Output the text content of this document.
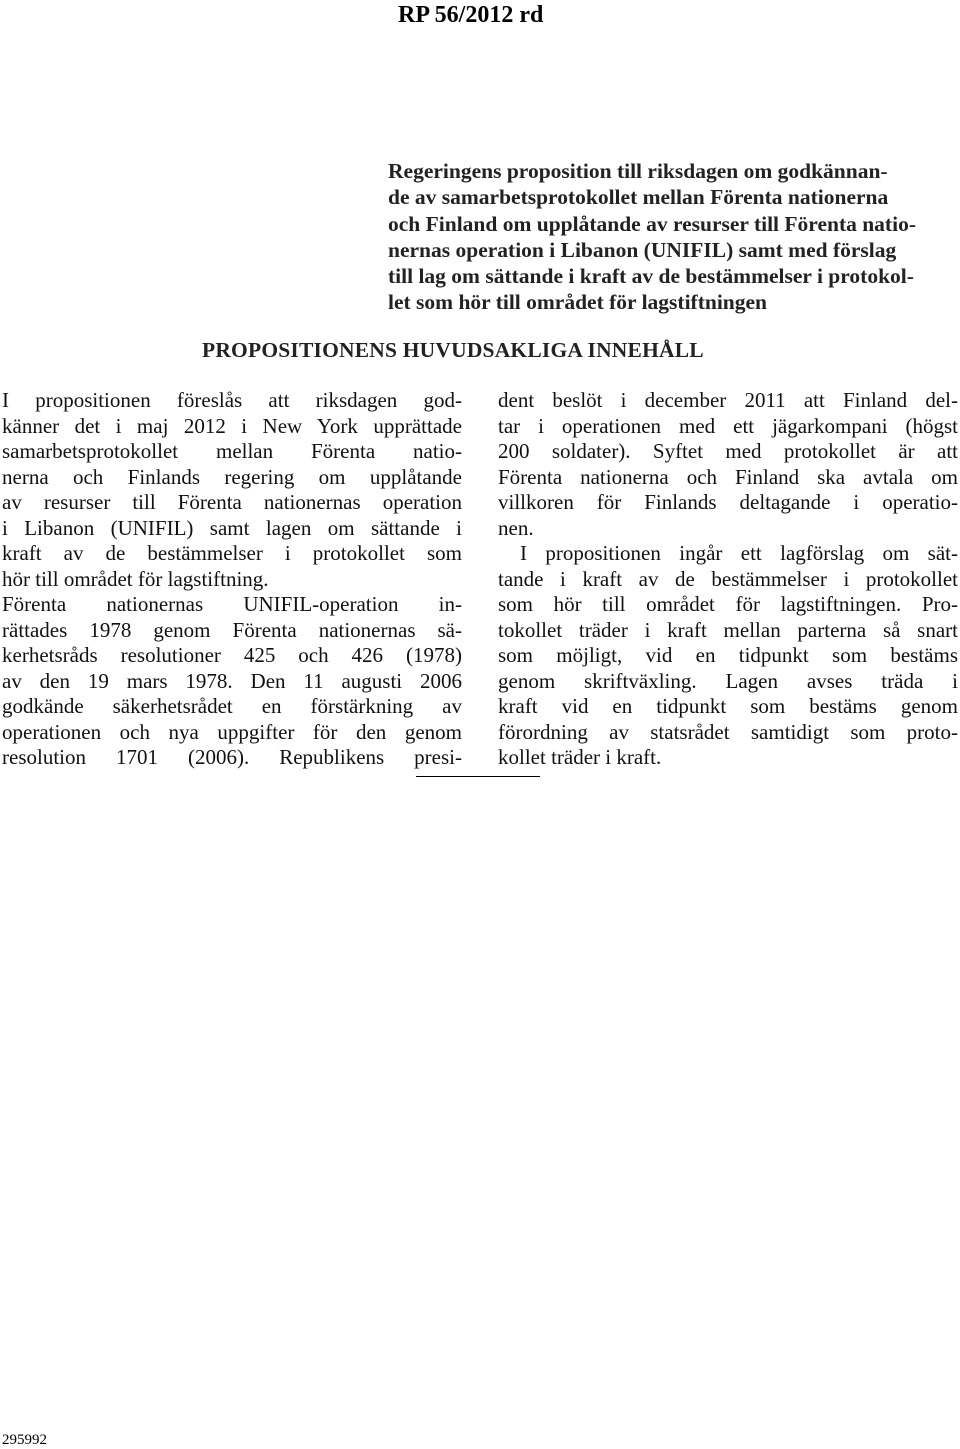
RP 56/2012 rd
Regeringens proposition till riksdagen om godkännan-
de av samarbetsprotokollet mellan Förenta nationerna
och Finland om upplåtande av resurser till Förenta natio-
nernas operation i Libanon (UNIFIL) samt med förslag
till lag om sättande i kraft av de bestämmelser i protokol-
let som hör till området för lagstiftningen
PROPOSITIONENS HUVUDSAKLIGA INNEHÅLL
I propositionen föreslås att riksdagen god-
känner det i maj 2012 i New York upprättade
samarbetsprotokollet mellan Förenta natio-
nerna och Finlands regering om upplåtande
av resurser till Förenta nationernas operation
i Libanon (UNIFIL) samt lagen om sättande i
kraft av de bestämmelser i protokollet som
hör till området för lagstiftning.
Förenta nationernas UNIFIL-operation in-
rättades 1978 genom Förenta nationernas sä-
kerhetsråds resolutioner 425 och 426 (1978)
av den 19 mars 1978. Den 11 augusti 2006
godkände säkerhetsrådet en förstärkning av
operationen och nya uppgifter för den genom
resolution 1701 (2006). Republikens presi-
dent beslöt i december 2011 att Finland del-
tar i operationen med ett jägarkompani (högst
200 soldater). Syftet med protokollet är att
Förenta nationerna och Finland ska avtala om
villkoren för Finlands deltagande i operatio-
nen.
I propositionen ingår ett lagförslag om sät-
tande i kraft av de bestämmelser i protokollet
som hör till området för lagstiftningen. Pro-
tokollet träder i kraft mellan parterna så snart
som möjligt, vid en tidpunkt som bestäms
genom skriftväxling. Lagen avses träda i
kraft vid en tidpunkt som bestäms genom
förordning av statsrådet samtidigt som proto-
kollet träder i kraft.

295992
